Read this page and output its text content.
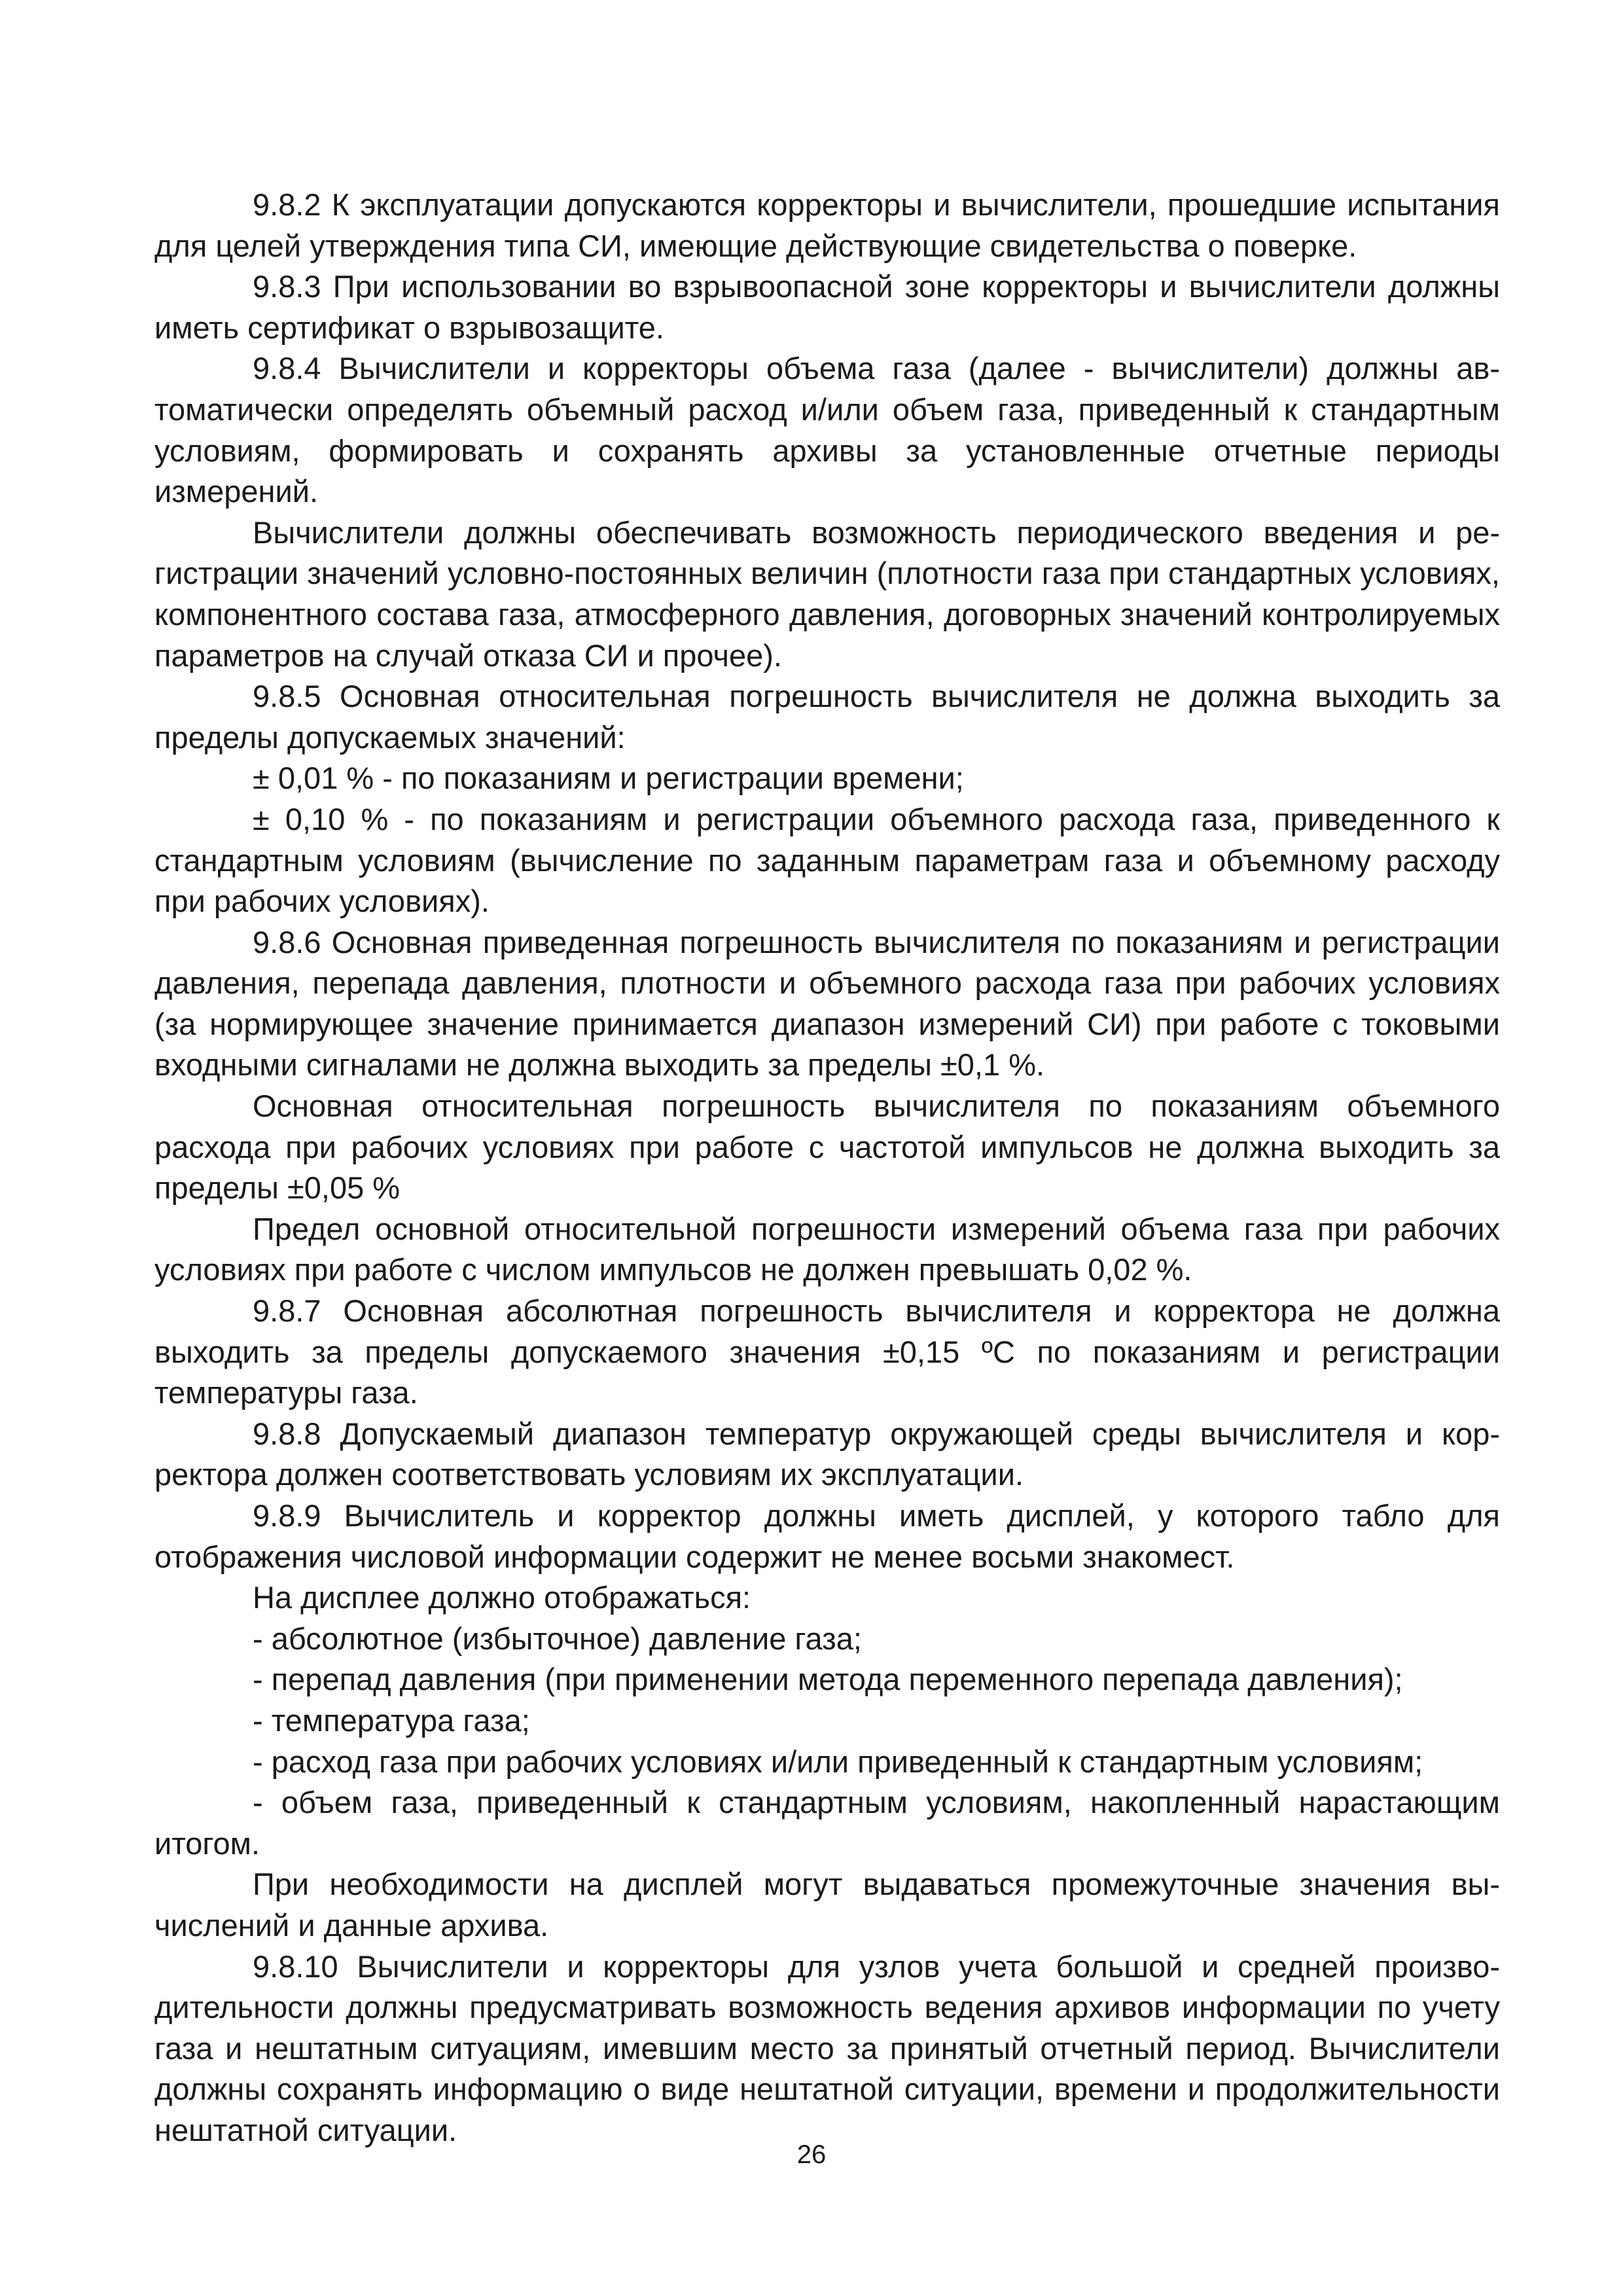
9.8.2 К эксплуатации допускаются корректоры и вычислители, прошедшие испытания для целей утверждения типа СИ, имеющие действующие свидетельства о поверке.

9.8.3 При использовании во взрывоопасной зоне корректоры и вычислители должны иметь сертификат о взрывозащите.

9.8.4 Вычислители и корректоры объема газа (далее - вычислители) должны автоматически определять объемный расход и/или объем газа, приведенный к стандартным условиям, формировать и сохранять архивы за установленные отчетные периоды измерений.

Вычислители должны обеспечивать возможность периодического введения и регистрации значений условно-постоянных величин (плотности газа при стандартных условиях, компонентного состава газа, атмосферного давления, договорных значений контролируемых параметров на случай отказа СИ и прочее).

9.8.5 Основная относительная погрешность вычислителя не должна выходить за пределы допускаемых значений:

± 0,01 % - по показаниям и регистрации времени;

± 0,10 % - по показаниям и регистрации объемного расхода газа, приведенного к стандартным условиям (вычисление по заданным параметрам газа и объемному расходу при рабочих условиях).

9.8.6 Основная приведенная погрешность вычислителя по показаниям и регистрации давления, перепада давления, плотности и объемного расхода газа при рабочих условиях (за нормирующее значение принимается диапазон измерений СИ) при работе с токовыми входными сигналами не должна выходить за пределы ±0,1 %.

Основная относительная погрешность вычислителя по показаниям объемного расхода при рабочих условиях при работе с частотой импульсов не должна выходить за пределы ±0,05 %

Предел основной относительной погрешности измерений объема газа при рабочих условиях при работе с числом импульсов не должен превышать 0,02 %.

9.8.7 Основная абсолютная погрешность вычислителя и корректора не должна выходить за пределы допускаемого значения ±0,15 ºС по показаниям и регистрации температуры газа.

9.8.8 Допускаемый диапазон температур окружающей среды вычислителя и корректора должен соответствовать условиям их эксплуатации.

9.8.9 Вычислитель и корректор должны иметь дисплей, у которого табло для отображения числовой информации содержит не менее восьми знакомест.

На дисплее должно отображаться:

- абсолютное (избыточное) давление газа;

- перепад давления (при применении метода переменного перепада давления);

- температура газа;

- расход газа при рабочих условиях и/или приведенный к стандартным условиям;

- объем газа, приведенный к стандартным условиям, накопленный нарастающим итогом.

При необходимости на дисплей могут выдаваться промежуточные значения вычислений и данные архива.

9.8.10 Вычислители и корректоры для узлов учета большой и средней производительности должны предусматривать возможность ведения архивов информации по учету газа и нештатным ситуациям, имевшим место за принятый отчетный период. Вычислители должны сохранять информацию о виде нештатной ситуации, времени и продолжительности нештатной ситуации.

26
